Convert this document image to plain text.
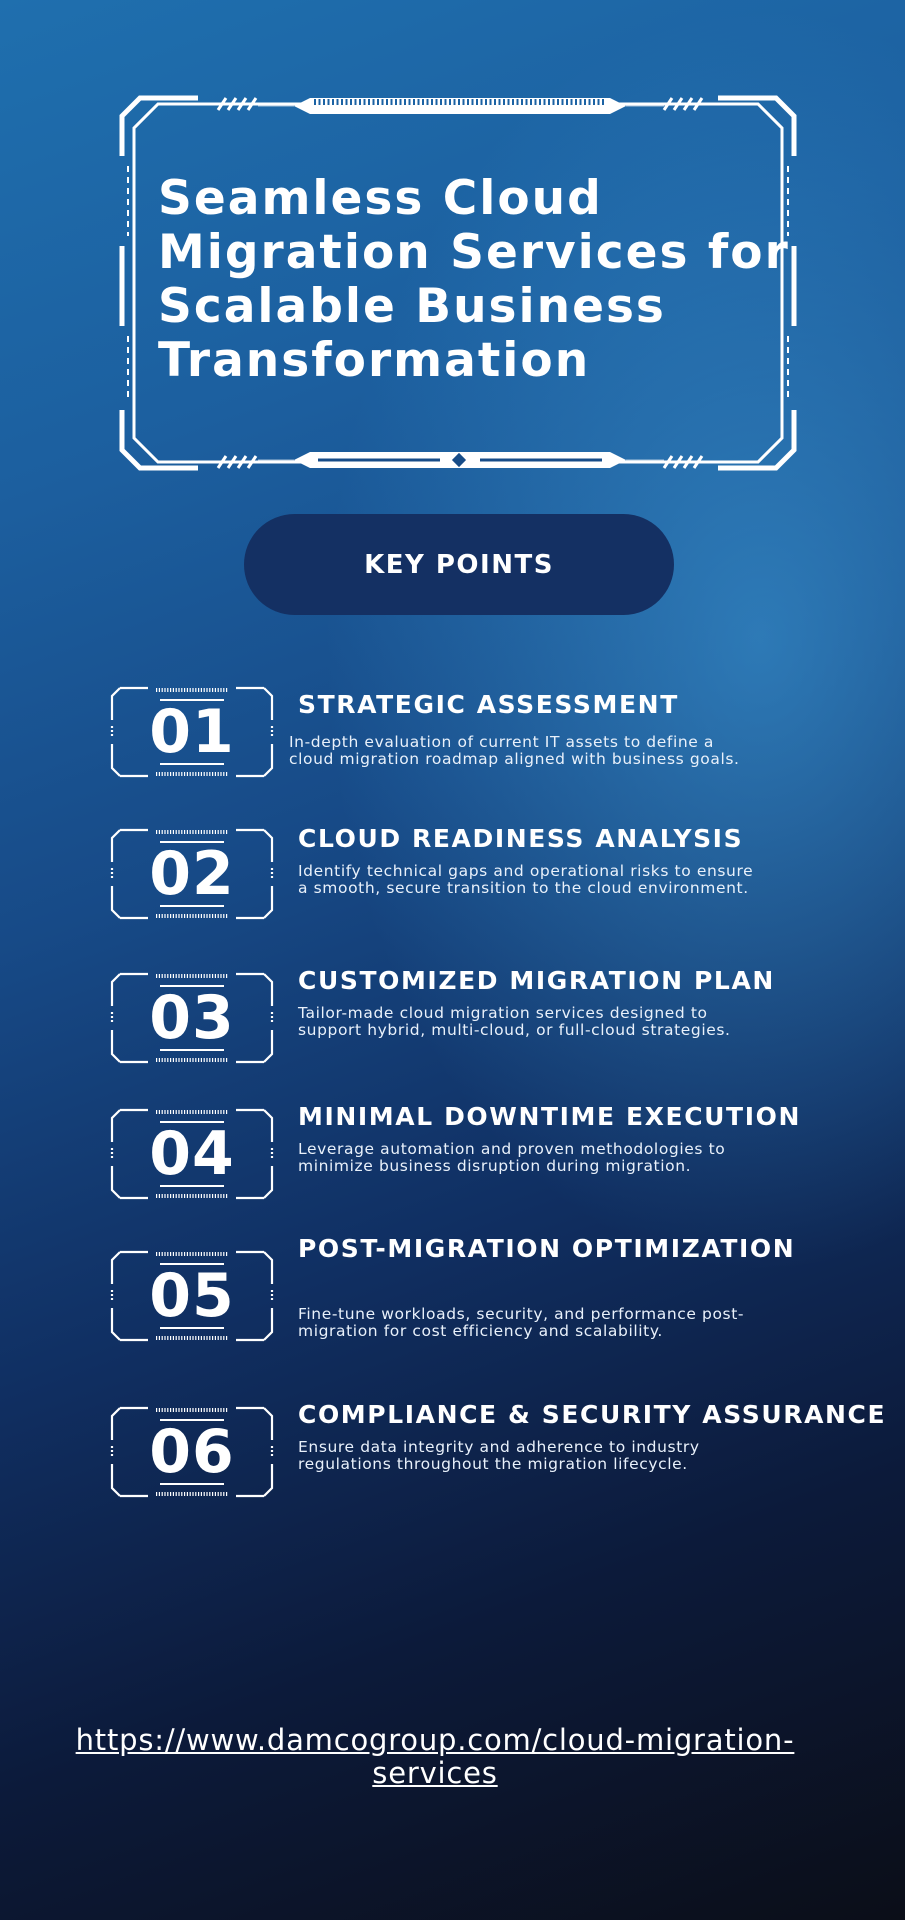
Seamless Cloud Migration Services for Scalable Business Transformation
KEY POINTS
01	STRATEGIC ASSESSMENT
In-depth evaluation of current IT assets to define a cloud migration roadmap aligned with business goals.
02
CLOUD READINESS ANALYSIS
Identify technical gaps and operational risks to ensure a smooth, secure transition to the cloud environment.
03
CUSTOMIZED MIGRATION PLAN
Tailor-made cloud migration services designed to support hybrid, multi-cloud, or full-cloud strategies.
04
MINIMAL DOWNTIME EXECUTION
Leverage automation and proven methodologies to minimize business disruption during migration.
05
POST-MIGRATION OPTIMIZATION
Fine-tune workloads, security, and performance post-migration for cost efficiency and scalability.
06
COMPLIANCE & SECURITY ASSURANCE
Ensure data integrity and adherence to industry regulations throughout the migration lifecycle.
https://www.damcogroup.com/cloud-migration-services
